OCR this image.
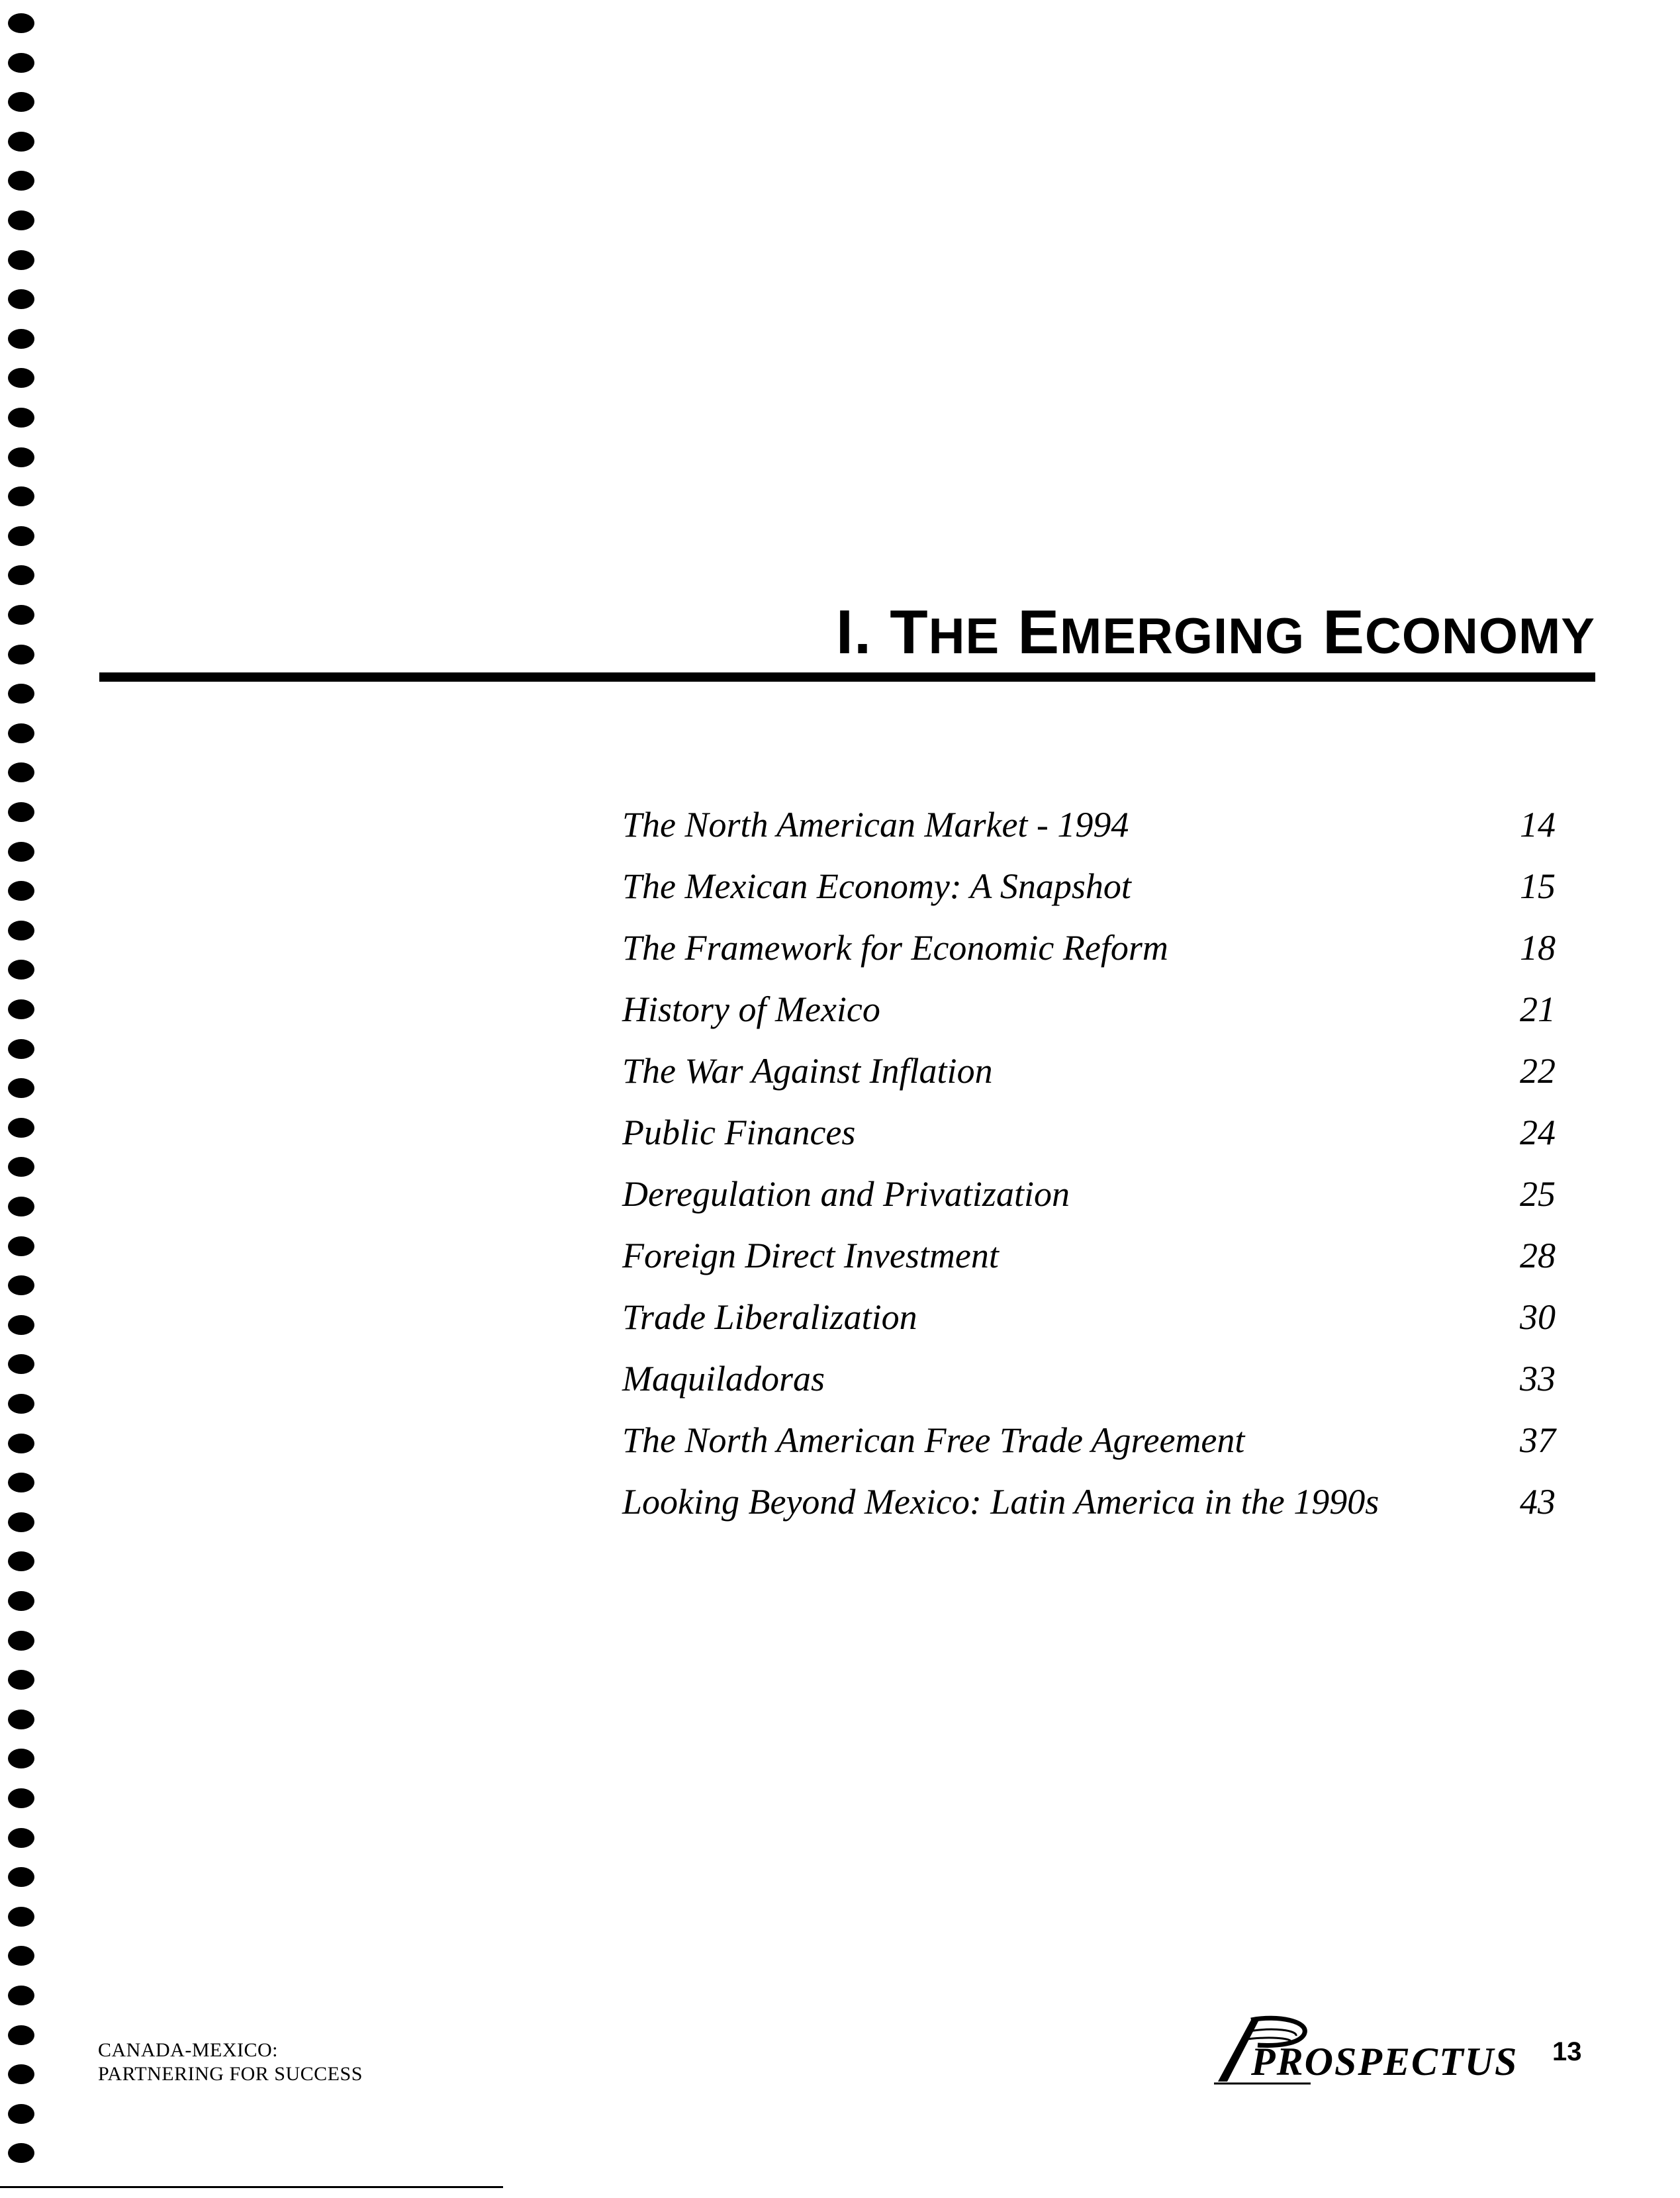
I. THE EMERGING ECONOMY
The North American Market - 1994	14
The Mexican Economy: A Snapshot	15
The Framework for Economic Reform	18
History of Mexico	21
The War Against Inflation	22
Public Finances	24
Deregulation and Privatization	25
Foreign Direct Investment	28
Trade Liberalization	30
Maquiladoras	33
The North American Free Trade Agreement	37
Looking Beyond Mexico: Latin America in the 1990s	43
CANADA-MEXICO:
PARTNERING FOR SUCCESS	PROSPECTUS 13
